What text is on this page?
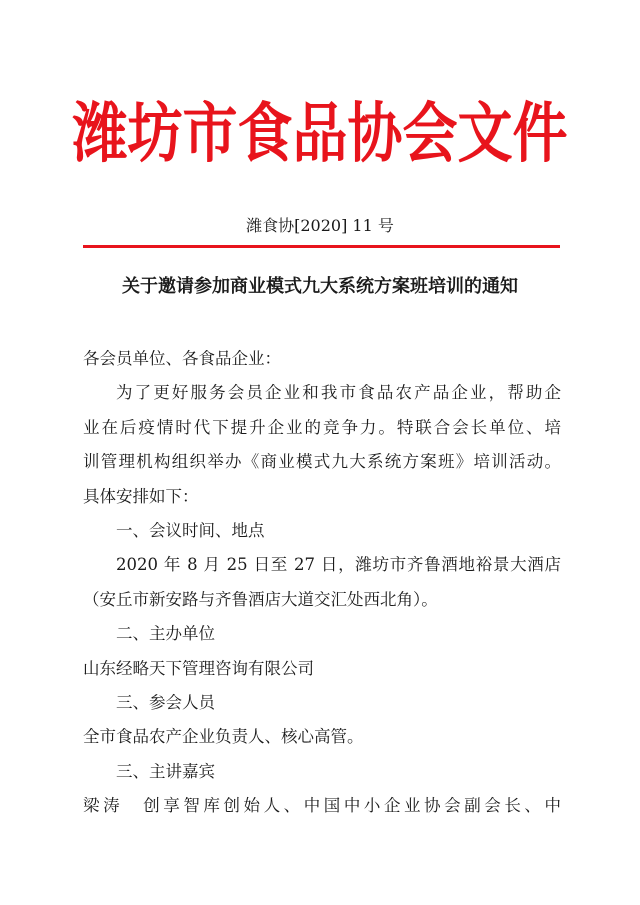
潍坊市食品协会文件
潍食协[2020] 11 号
关于邀请参加商业模式九大系统方案班培训的通知
各会员单位、各食品企业：
为了更好服务会员企业和我市食品农产品企业，帮助企
业在后疫情时代下提升企业的竞争力。特联合会长单位、培
训管理机构组织举办《商业模式九大系统方案班》培训活动。
具体安排如下：
一、会议时间、地点
2020 年 8 月 25 日至 27 日，潍坊市齐鲁酒地裕景大酒店
（安丘市新安路与齐鲁酒店大道交汇处西北角）。
二、主办单位
山东经略天下管理咨询有限公司
三、参会人员
全市食品农产企业负责人、核心高管。
三、主讲嘉宾
梁涛　创享智库创始人、中国中小企业协会副会长、中
